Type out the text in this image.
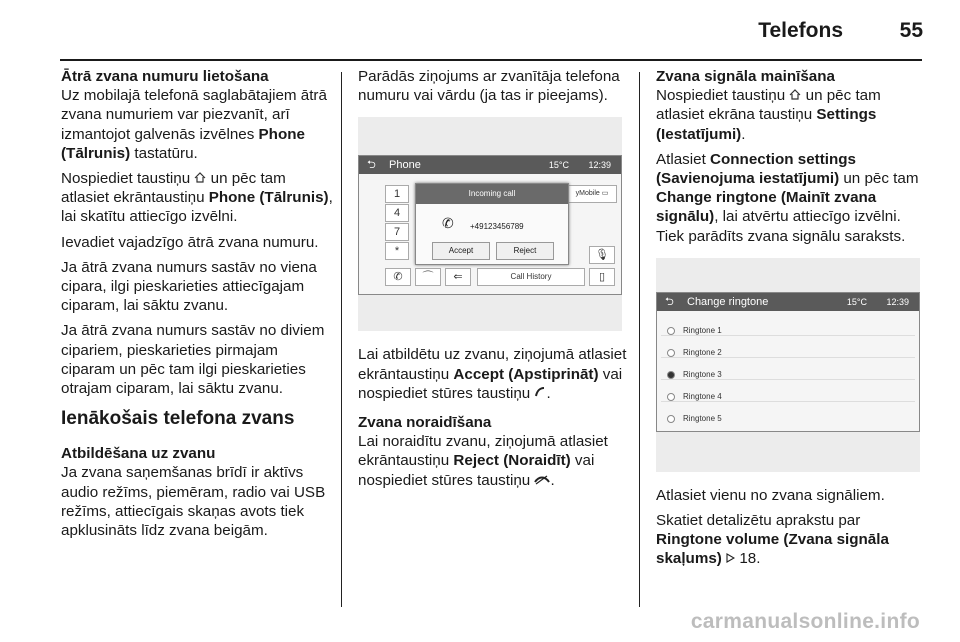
Telefons	55

Ātrā zvana numuru lietošana

Uz mobilajā telefonā saglabātajiem ātrā zvana numuriem var piezvanīt, arī izmantojot galvenās izvēlnes Phone (Tālrunis) tastatūru.

Nospiediet taustiņu  un pēc tam atlasiet ekrāntaustiņu Phone (Tālrunis), lai skatītu attiecīgo izvēlni.

Ievadiet vajadzīgo ātrā zvana numuru.

Ja ātrā zvana numurs sastāv no viena cipara, ilgi pieskarieties attiecīgajam ciparam, lai sāktu zvanu.

Ja ātrā zvana numurs sastāv no diviem cipariem, pieskarieties pirmajam ciparam un pēc tam ilgi pieskarieties otrajam ciparam, lai sāktu zvanu.

Ienākošais telefona zvans

Atbildēšana uz zvanu

Ja zvana saņemšanas brīdī ir aktīvs audio režīms, piemēram, radio vai USB režīms, attiecīgais skaņas avots tiek apklusināts līdz zvana beigām.

Parādās ziņojums ar zvanītāja telefona numuru vai vārdu (ja tas ir pieejams).

⮌ Phone	15°C 12:39
1
4
7
*
yMobile ▭
🎙
▯
✆	⌒	⇐	Call History
Incoming call
✆ +49123456789
Accept	Reject

Lai atbildētu uz zvanu, ziņojumā atlasiet ekrāntaustiņu Accept (Apstiprināt) vai nospiediet stūres taustiņu .

Zvana noraidīšana

Lai noraidītu zvanu, ziņojumā atlasiet ekrāntaustiņu Reject (Noraidīt) vai nospiediet stūres taustiņu .

Zvana signāla mainīšana

Nospiediet taustiņu  un pēc tam atlasiet ekrāna taustiņu Settings (Iestatījumi).

Atlasiet Connection settings (Savienojuma iestatījumi) un pēc tam Change ringtone (Mainīt zvana signālu), lai atvērtu attiecīgo izvēlni. Tiek parādīts zvana signālu saraksts.

⮌ Change ringtone	15°C 12:39
Ringtone 1
Ringtone 2
Ringtone 3
Ringtone 4
Ringtone 5

Atlasiet vienu no zvana signāliem.

Skatiet detalizētu aprakstu par Ringtone volume (Zvana signāla skaļums)  18.

carmanualsonline.info
